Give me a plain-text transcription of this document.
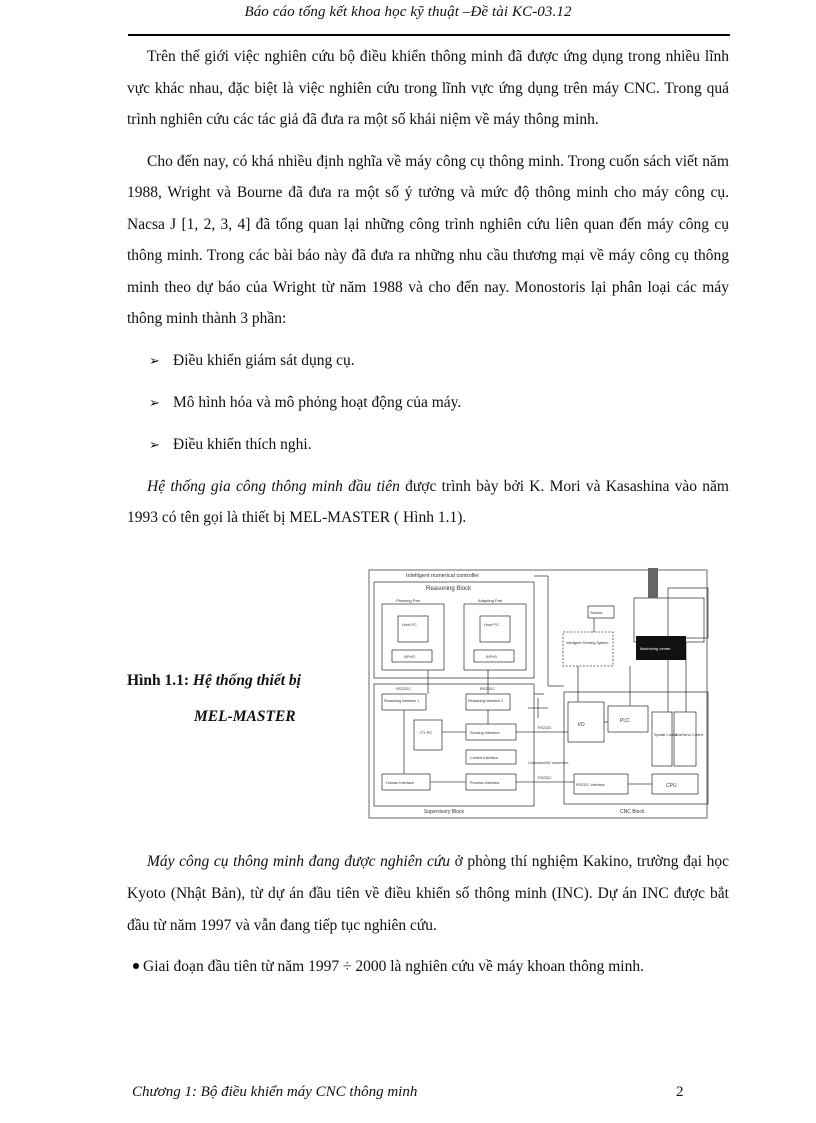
Báo cáo tổng kết khoa học kỹ thuật –Đề tài KC-03.12

Trên thế giới việc nghiên cứu bộ điều khiển thông minh đã được ứng dụng trong nhiều lĩnh vực khác nhau, đặc biệt là việc nghiên cứu trong lĩnh vực ứng dụng trên máy CNC. Trong quá trình nghiên cứu các tác giả đã đưa ra một số khái niệm về máy thông minh.

Cho đến nay, có khá nhiều định nghĩa về máy công cụ thông minh. Trong cuốn sách viết năm 1988, Wright và Bourne đã đưa ra một số ý tưởng và mức độ thông minh cho máy công cụ. Nacsa J [1, 2, 3, 4] đã tổng quan lại những công trình nghiên cứu liên quan đến máy công cụ thông minh. Trong các bài báo này đã đưa ra những nhu cầu thương mại về máy công cụ thông minh theo dự báo của Wright từ năm 1988 và cho đến nay. Monostoris lại phân loại các máy thông minh thành 3 phần:

➢ Điều khiển giám sát dụng cụ.
➢ Mô hình hóa và mô phỏng hoạt động của máy.
➢ Điều khiển thích nghi.

Hệ thống gia công thông minh đầu tiên được trình bày bởi K. Mori và Kasashina vào năm 1993 có tên gọi là thiết bị MEL-MASTER ( Hình 1.1).

Hình 1.1: Hệ thống thiết bị
MEL-MASTER
Intelligent numerical controller
Reasoning Block
Planning Part	Adapting Part
Host PC	Host PC
APHS	APHS
RS232C	RS232C
Reasoning Interface 1	Reasoning Interface 2
CY PC	Sensing Interface
Control Interface
Human Interface	Process Interface
Supervisory Block
Sensor
Intelligent Sensing System
Machining center
I/O
PLC
Spindle Control
Axis/Servo Control
RS232C Interface	CPU
CNC Block
RS232C
RS232C
Connection/NC connection

Máy công cụ thông minh đang được nghiên cứu ở phòng thí nghiệm Kakino, trường đại học Kyoto (Nhật Bản), từ dự án đầu tiên về điều khiển số thông minh (INC). Dự án INC được bắt đầu từ năm 1997 và vẫn đang tiếp tục nghiên cứu.

Giai đoạn đầu tiên từ năm 1997 ÷ 2000 là nghiên cứu về máy khoan thông minh.
Chương 1: Bộ điều khiển máy CNC thông minh	2
